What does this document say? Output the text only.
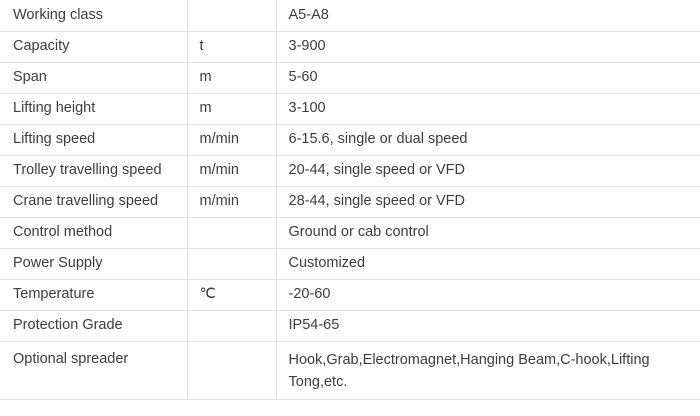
Working class		A5-A8
Capacity	t	3-900
Span	m	5-60
Lifting height	m	3-100
Lifting speed	m/min	6-15.6, single or dual speed
Trolley travelling speed	m/min	20-44, single speed or VFD
Crane travelling speed	m/min	28-44, single speed or VFD
Control method		Ground or cab control
Power Supply		Customized
Temperature	℃	-20-60
Protection Grade		IP54-65
Optional spreader		Hook,Grab,Electromagnet,Hanging Beam,C-hook,Lifting Tong,etc.
